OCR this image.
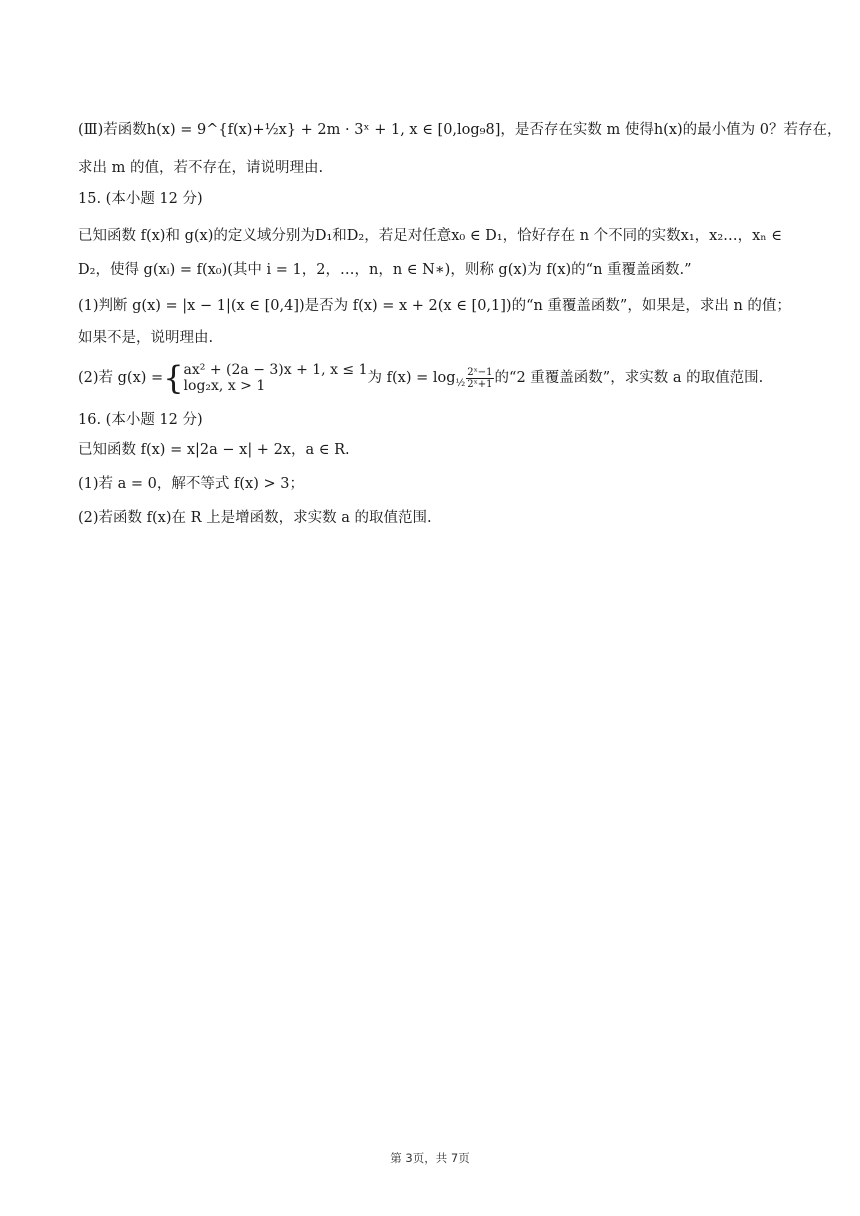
(Ⅲ)若函数h(x) = 9^{f(x)+½x} + 2m · 3ˣ + 1, x ∈ [0,log₉8]，是否存在实数 m 使得h(x)的最小值为 0？若存在，
求出 m 的值，若不存在，请说明理由.
15. (本小题 12 分)
已知函数 f(x)和 g(x)的定义域分别为D₁和D₂，若足对任意x₀ ∈ D₁，恰好存在 n 个不同的实数x₁，x₂…，xₙ ∈
D₂，使得 g(xᵢ) = f(x₀)(其中 i = 1，2，…，n，n ∈ N∗)，则称 g(x)为 f(x)的“n 重覆盖函数.”
(1)判断 g(x) = |x − 1|(x ∈ [0,4])是否为 f(x) = x + 2(x ∈ [0,1])的“n 重覆盖函数”，如果是，求出 n 的值；
如果不是，说明理由.
(2)若 g(x) = { ax² + (2a − 3)x + 1, x ≤ 1
log₂x, x > 1	为 f(x) = log ½ $\frac{\text{2ˣ−1}}{\text{2ˣ+1}}$ 的“2 重覆盖函数”，求实数 a 的取值范围.
16. (本小题 12 分)
已知函数 f(x) = x|2a − x| + 2x，a ∈ R.
(1)若 a = 0，解不等式 f(x) > 3；
(2)若函数 f(x)在 R 上是增函数，求实数 a 的取值范围.
第 3页，共 7页
